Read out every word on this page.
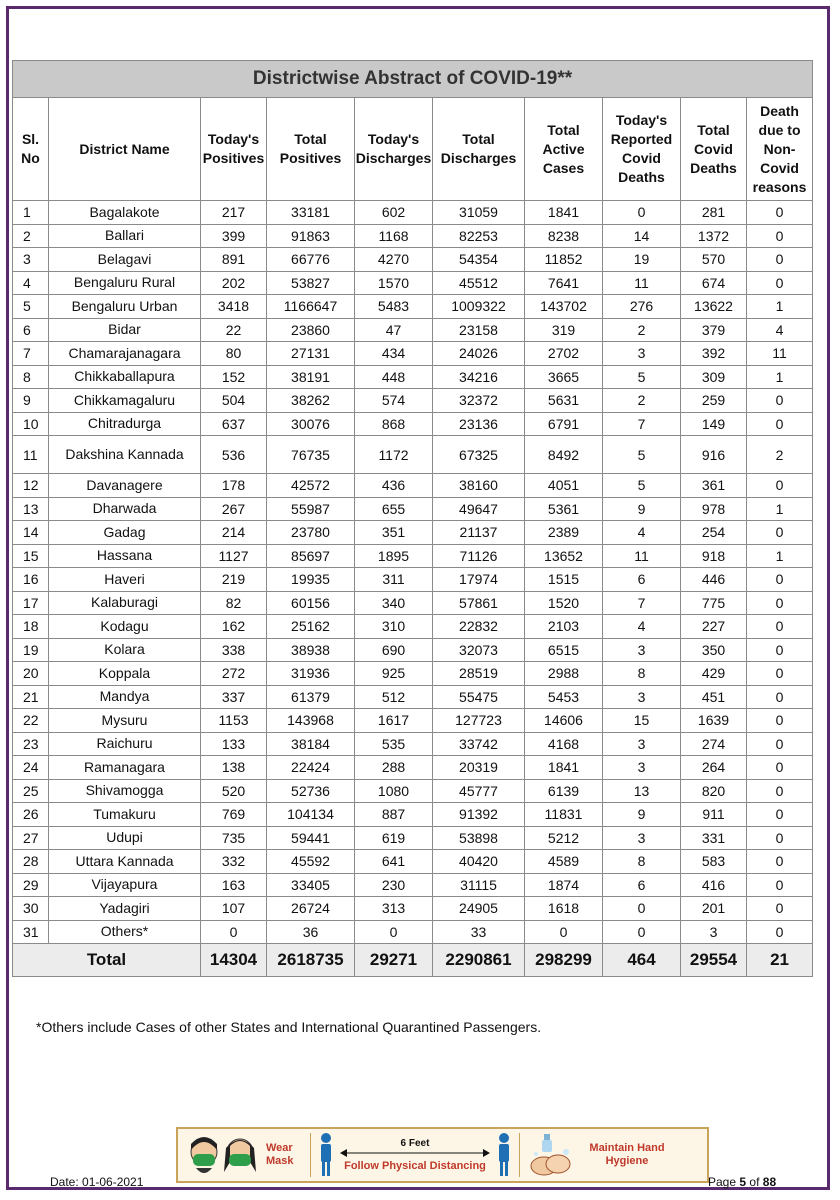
Districtwise Abstract of COVID-19**									
Sl. No	District Name	Today's Positives	Total Positives	Today's Discharges	Total Discharges	Total Active Cases	Today's Reported Covid Deaths	Total Covid Deaths	Death due to Non-Covid reasons
1	Bagalakote	217	33181	602	31059	1841	0	281	0
2	Ballari	399	91863	1168	82253	8238	14	1372	0
3	Belagavi	891	66776	4270	54354	11852	19	570	0
4	Bengaluru Rural	202	53827	1570	45512	7641	11	674	0
5	Bengaluru Urban	3418	1166647	5483	1009322	143702	276	13622	1
6	Bidar	22	23860	47	23158	319	2	379	4
7	Chamarajanagara	80	27131	434	24026	2702	3	392	11
8	Chikkaballapura	152	38191	448	34216	3665	5	309	1
9	Chikkamagaluru	504	38262	574	32372	5631	2	259	0
10	Chitradurga	637	30076	868	23136	6791	7	149	0
11	Dakshina Kannada	536	76735	1172	67325	8492	5	916	2
12	Davanagere	178	42572	436	38160	4051	5	361	0
13	Dharwada	267	55987	655	49647	5361	9	978	1
14	Gadag	214	23780	351	21137	2389	4	254	0
15	Hassana	1127	85697	1895	71126	13652	11	918	1
16	Haveri	219	19935	311	17974	1515	6	446	0
17	Kalaburagi	82	60156	340	57861	1520	7	775	0
18	Kodagu	162	25162	310	22832	2103	4	227	0
19	Kolara	338	38938	690	32073	6515	3	350	0
20	Koppala	272	31936	925	28519	2988	8	429	0
21	Mandya	337	61379	512	55475	5453	3	451	0
22	Mysuru	1153	143968	1617	127723	14606	15	1639	0
23	Raichuru	133	38184	535	33742	4168	3	274	0
24	Ramanagara	138	22424	288	20319	1841	3	264	0
25	Shivamogga	520	52736	1080	45777	6139	13	820	0
26	Tumakuru	769	104134	887	91392	11831	9	911	0
27	Udupi	735	59441	619	53898	5212	3	331	0
28	Uttara Kannada	332	45592	641	40420	4589	8	583	0
29	Vijayapura	163	33405	230	31115	1874	6	416	0
30	Yadagiri	107	26724	313	24905	1618	0	201	0
31	Others*	0	36	0	33	0	0	3	0
Total		14304	2618735	29271	2290861	298299	464	29554	21
*Others include Cases of other States and International Quarantined Passengers.
Wear Mask
6 Feet
Follow Physical Distancing
Maintain Hand Hygiene
Date: 01-06-2021	Page 5 of 88
